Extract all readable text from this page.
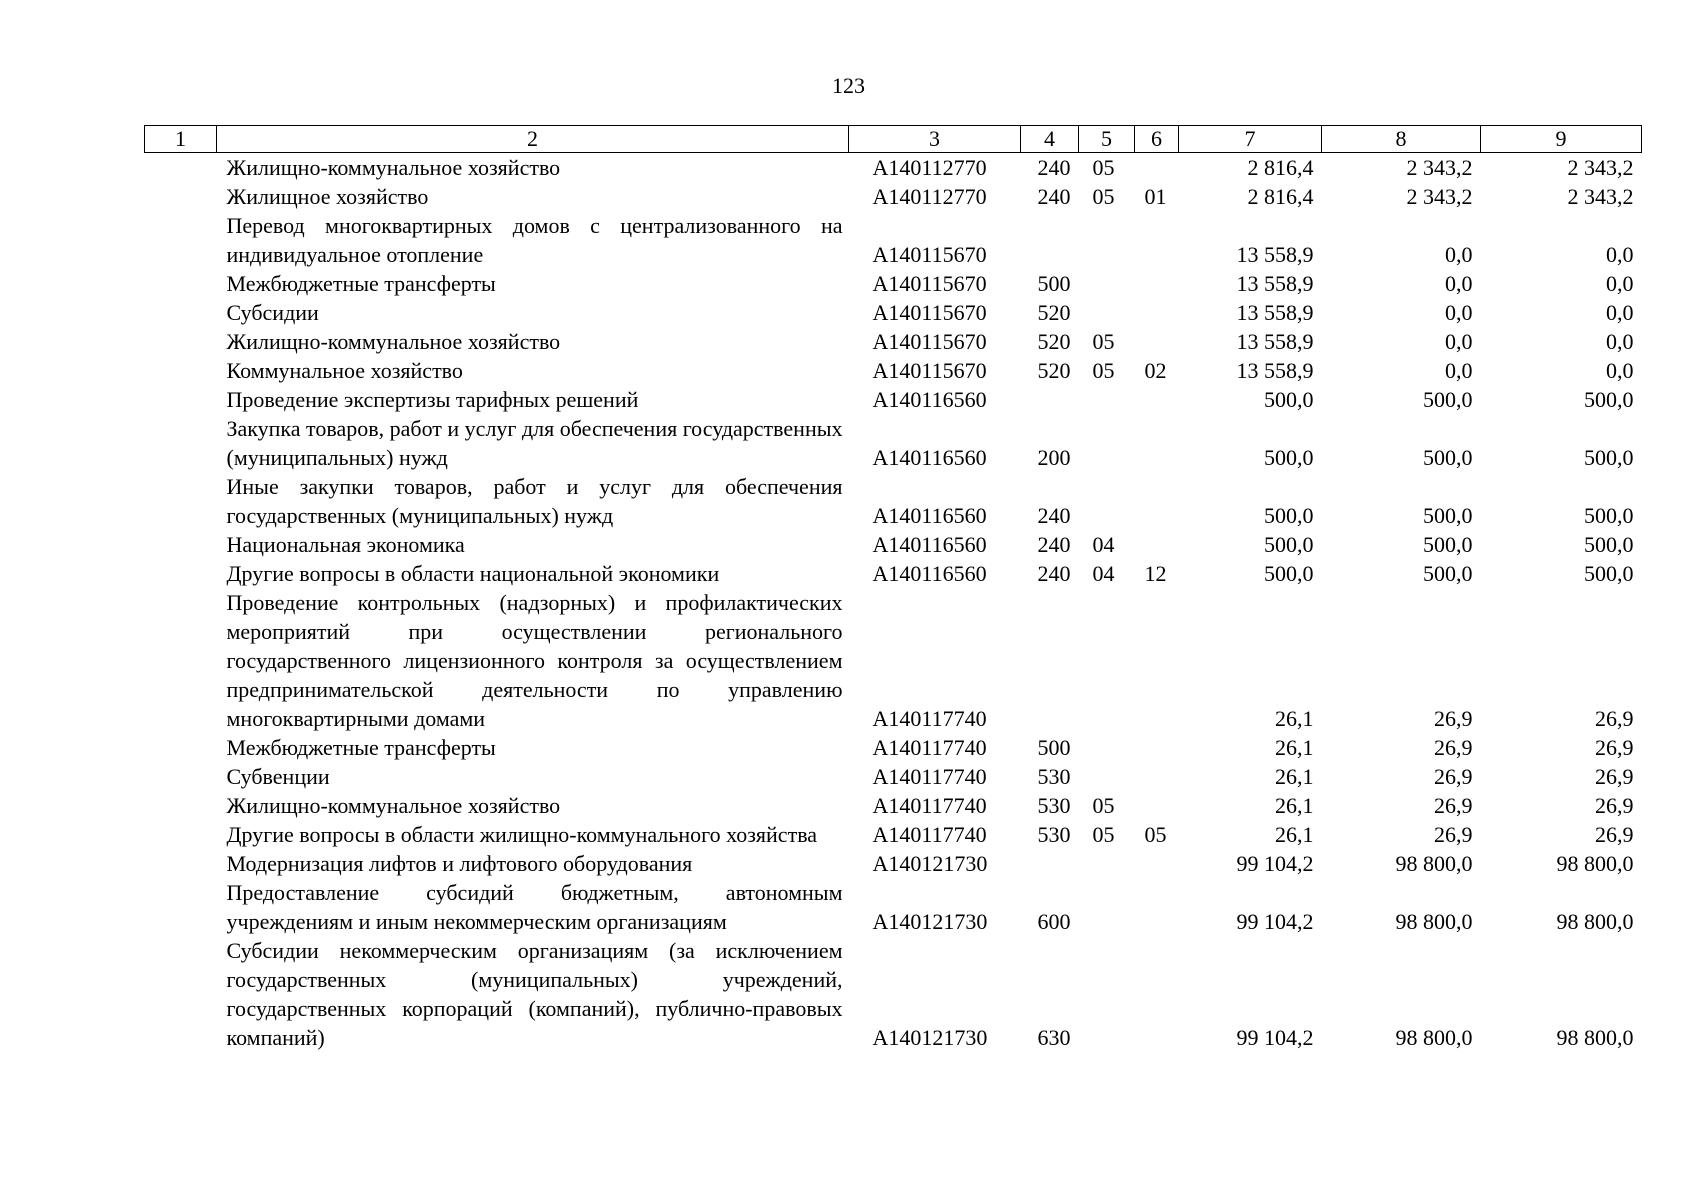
123
1	2	3	4	5	6	7	8	9
	Жилищно-коммунальное хозяйство	A140112770	240	05		2 816,4	2 343,2	2 343,2
	Жилищное хозяйство	A140112770	240	05	01	2 816,4	2 343,2	2 343,2
	Перевод многоквартирных домов с централизованного на индивидуальное отопление	A140115670				13 558,9	0,0	0,0
	Межбюджетные трансферты	A140115670	500			13 558,9	0,0	0,0
	Субсидии	A140115670	520			13 558,9	0,0	0,0
	Жилищно-коммунальное хозяйство	A140115670	520	05		13 558,9	0,0	0,0
	Коммунальное хозяйство	A140115670	520	05	02	13 558,9	0,0	0,0
	Проведение экспертизы тарифных решений	A140116560				500,0	500,0	500,0
	Закупка товаров, работ и услуг для обеспечения государственных (муниципальных) нужд	A140116560	200			500,0	500,0	500,0
	Иные закупки товаров, работ и услуг для обеспечения государственных (муниципальных) нужд	A140116560	240			500,0	500,0	500,0
	Национальная экономика	A140116560	240	04		500,0	500,0	500,0
	Другие вопросы в области национальной экономики	A140116560	240	04	12	500,0	500,0	500,0
	Проведение контрольных (надзорных) и профилактических мероприятий при осуществлении регионального государственного лицензионного контроля за осуществлением предпринимательской деятельности по управлению многоквартирными домами	A140117740				26,1	26,9	26,9
	Межбюджетные трансферты	A140117740	500			26,1	26,9	26,9
	Субвенции	A140117740	530			26,1	26,9	26,9
	Жилищно-коммунальное хозяйство	A140117740	530	05		26,1	26,9	26,9
	Другие вопросы в области жилищно-коммунального хозяйства	A140117740	530	05	05	26,1	26,9	26,9
	Модернизация лифтов и лифтового оборудования	A140121730				99 104,2	98 800,0	98 800,0
	Предоставление субсидий бюджетным, автономным учреждениям и иным некоммерческим организациям	A140121730	600			99 104,2	98 800,0	98 800,0
	Субсидии некоммерческим организациям (за исключением государственных (муниципальных) учреждений, государственных корпораций (компаний), публично-правовых компаний)	A140121730	630			99 104,2	98 800,0	98 800,0
